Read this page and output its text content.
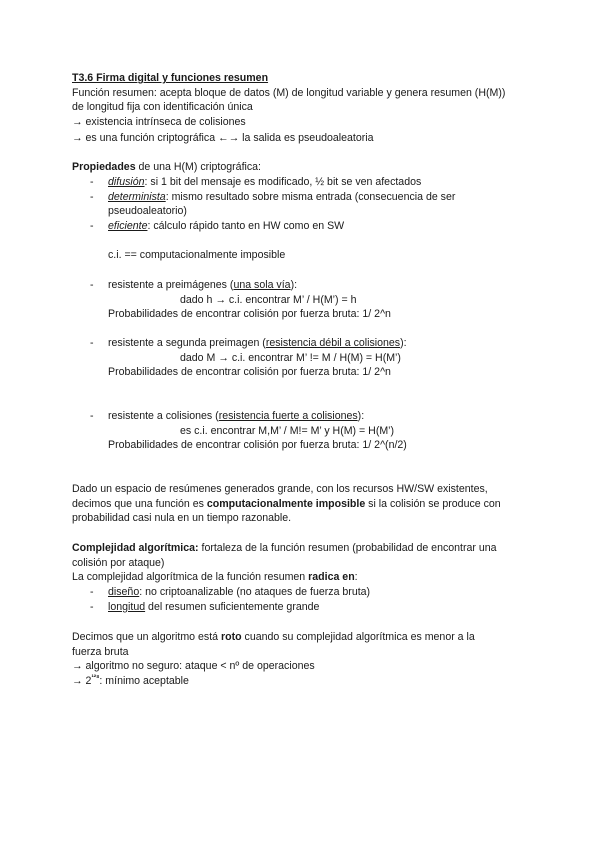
T3.6 Firma digital y funciones resumen
Función resumen: acepta bloque de datos (M) de longitud variable y genera resumen (H(M))
de longitud fija con identificación única
→ existencia intrínseca de colisiones
→ es una función criptográfica ←→ la salida es pseudoaleatoria
Propiedades de una H(M) criptográfica:
- difusión: si 1 bit del mensaje es modificado, ½ bit se ven afectados
- determinista: mismo resultado sobre misma entrada (consecuencia de ser
pseudoaleatorio)
- eficiente: cálculo rápido tanto en HW como en SW
c.i. == computacionalmente imposible
- resistente a preimágenes (una sola vía):
dado h → c.i. encontrar M’ / H(M’) = h
Probabilidades de encontrar colisión por fuerza bruta: 1/ 2^n
- resistente a segunda preimagen (resistencia débil a colisiones):
dado M → c.i. encontrar M’ != M / H(M) = H(M’)
Probabilidades de encontrar colisión por fuerza bruta: 1/ 2^n
- resistente a colisiones (resistencia fuerte a colisiones):
es c.i. encontrar M,M’ / M!= M’ y H(M) = H(M’)
Probabilidades de encontrar colisión por fuerza bruta: 1/ 2^(n/2)
Dado un espacio de resúmenes generados grande, con los recursos HW/SW existentes,
decimos que una función es computacionalmente imposible si la colisión se produce con
probabilidad casi nula en un tiempo razonable.
Complejidad algorítmica: fortaleza de la función resumen (probabilidad de encontrar una
colisión por ataque)
La complejidad algorítmica de la función resumen radica en:
- diseño: no criptoanalizable (no ataques de fuerza bruta)
- longitud del resumen suficientemente grande
Decimos que un algoritmo está roto cuando su complejidad algorítmica es menor a la
fuerza bruta
→ algoritmo no seguro: ataque < nº de operaciones
→ $2^{^{128}}$: mínimo aceptable
